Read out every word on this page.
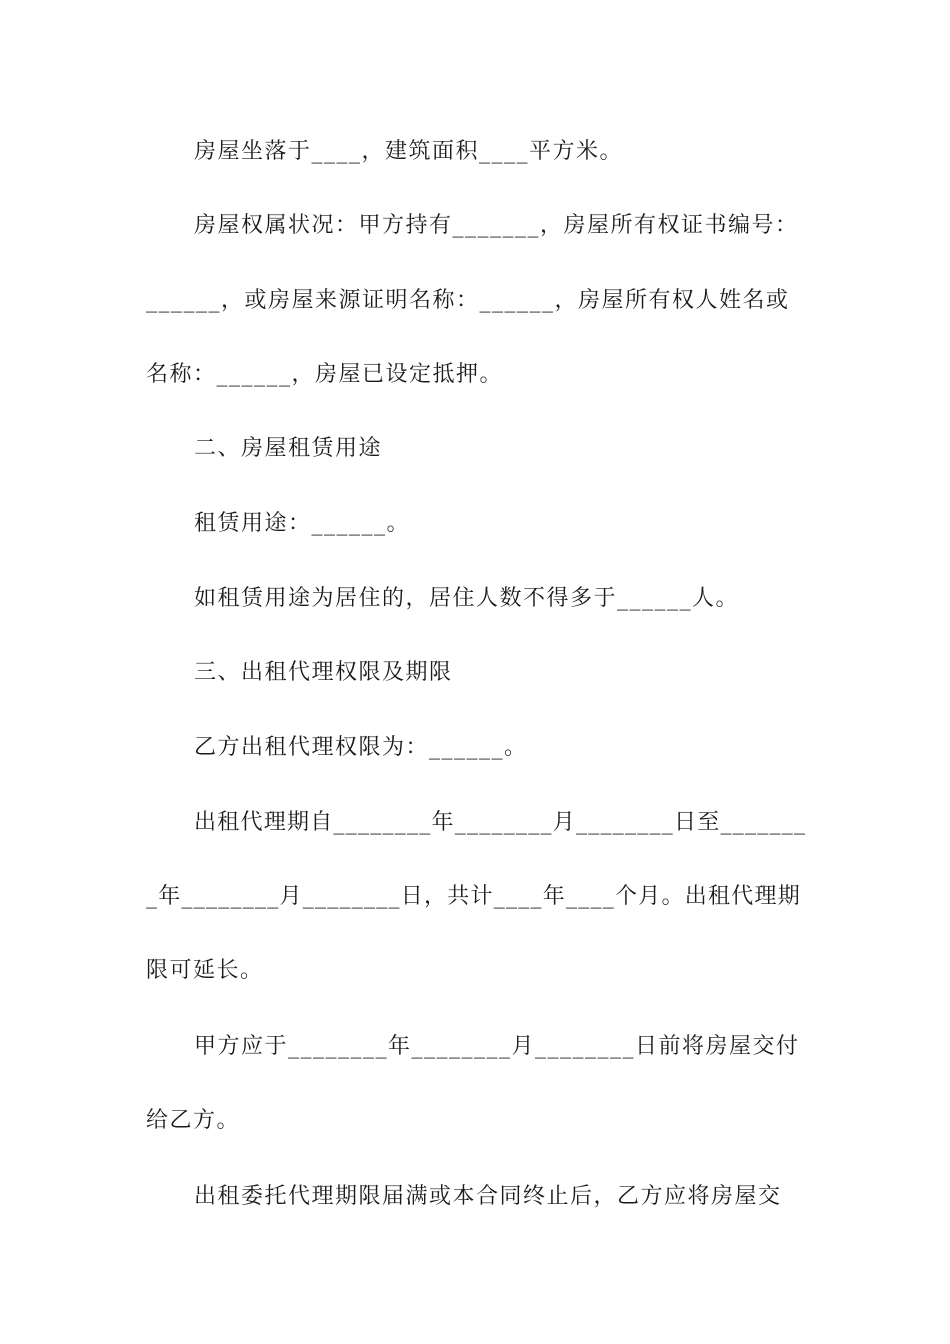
房屋坐落于____，建筑面积____平方米。

房屋权属状况：甲方持有_______，房屋所有权证书编号：

______，或房屋来源证明名称：______，房屋所有权人姓名或

名称：______，房屋已设定抵押。

二、房屋租赁用途

租赁用途：______。

如租赁用途为居住的，居住人数不得多于______人。

三、出租代理权限及期限

乙方出租代理权限为：______。

出租代理期自________年________月________日至_______

_年________月________日，共计____年____个月。出租代理期

限可延长。

甲方应于________年________月________日前将房屋交付

给乙方。

出租委托代理期限届满或本合同终止后，乙方应将房屋交
